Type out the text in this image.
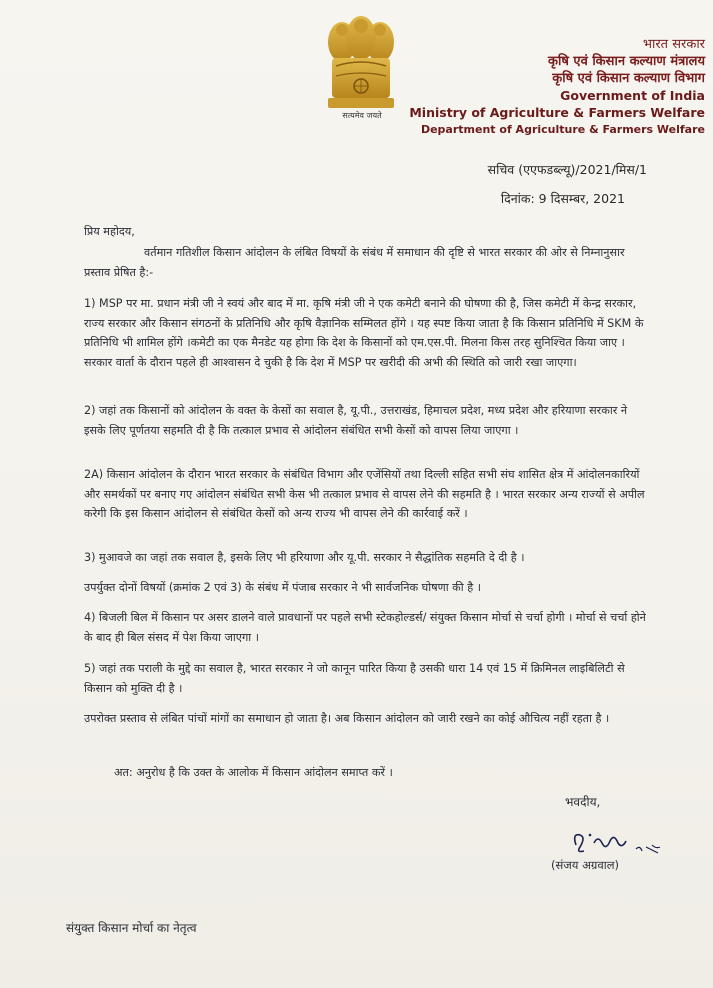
सत्यमेव जयते
भारत सरकार
कृषि एवं किसान कल्याण मंत्रालय
कृषि एवं किसान कल्याण विभाग
Government of India
Ministry of Agriculture & Farmers Welfare
Department of Agriculture & Farmers Welfare
सचिव (एएफडब्ल्यू)/2021/मिस/1
दिनांक: 9 दिसम्बर, 2021
प्रिय महोदय,
वर्तमान गतिशील किसान आंदोलन के लंबित विषयों के संबंध में समाधान की दृष्टि से भारत सरकार की ओर से निम्नानुसार प्रस्ताव प्रेषित है:-
1) MSP पर मा. प्रधान मंत्री जी ने स्वयं और बाद में मा. कृषि मंत्री जी ने एक कमेटी बनाने की घोषणा की है, जिस कमेटी में केन्द्र सरकार, राज्य सरकार और किसान संगठनों के प्रतिनिधि और कृषि वैज्ञानिक सम्मिलत होंगे । यह स्पष्ट किया जाता है कि किसान प्रतिनिधि में SKM के प्रतिनिधि भी शामिल होंगे ।कमेटी का एक मैनडेट यह होगा कि देश के किसानों को एम.एस.पी. मिलना किस तरह सुनिश्चित किया जाए । सरकार वार्ता के दौरान पहले ही आश्वासन दे चुकी है कि देश में MSP पर खरीदी की अभी की स्थिति को जारी रखा जाएगा।
2) जहां तक किसानों को आंदोलन के वक्त के केसों का सवाल है, यू.पी., उत्तराखंड, हिमाचल प्रदेश, मध्य प्रदेश और हरियाणा सरकार ने इसके लिए पूर्णतया सहमति दी है कि तत्काल प्रभाव से आंदोलन संबंधित सभी केसों को वापस लिया जाएगा ।
2A) किसान आंदोलन के दौरान भारत सरकार के संबंधित विभाग और एजेंसियों तथा दिल्ली सहित सभी संघ शासित क्षेत्र में आंदोलनकारियों और समर्थकों पर बनाए गए आंदोलन संबंधित सभी केस भी तत्काल प्रभाव से वापस लेने की सहमति है । भारत सरकार अन्य राज्यों से अपील करेगी कि इस किसान आंदोलन से संबंधित केसों को अन्य राज्य भी वापस लेने की कार्रवाई करें ।
3) मुआवजे का जहां तक सवाल है, इसके लिए भी हरियाणा और यू.पी. सरकार ने सैद्धांतिक सहमति दे दी है ।
उपर्युक्त दोनों विषयों (क्रमांक 2 एवं 3) के संबंध में पंजाब सरकार ने भी सार्वजनिक घोषणा की है ।
4) बिजली बिल में किसान पर असर डालने वाले प्रावधानों पर पहले सभी स्टेकहोल्डर्स/ संयुक्त किसान मोर्चा से चर्चा होगी । मोर्चा से चर्चा होने के बाद ही बिल संसद में पेश किया जाएगा ।
5) जहां तक पराली के मुद्दे का सवाल है, भारत सरकार ने जो कानून पारित किया है उसकी धारा 14 एवं 15 में क्रिमिनल लाइबिलिटी से किसान को मुक्ति दी है ।
उपरोक्त प्रस्ताव से लंबित पांचों मांगों का समाधान हो जाता है। अब किसान आंदोलन को जारी रखने का कोई औचित्य नहीं रहता है ।
अत: अनुरोध है कि उक्त के आलोक में किसान आंदोलन समाप्त करें ।
भवदीय,
(संजय अग्रवाल)
संयुक्त किसान मोर्चा का नेतृत्व
